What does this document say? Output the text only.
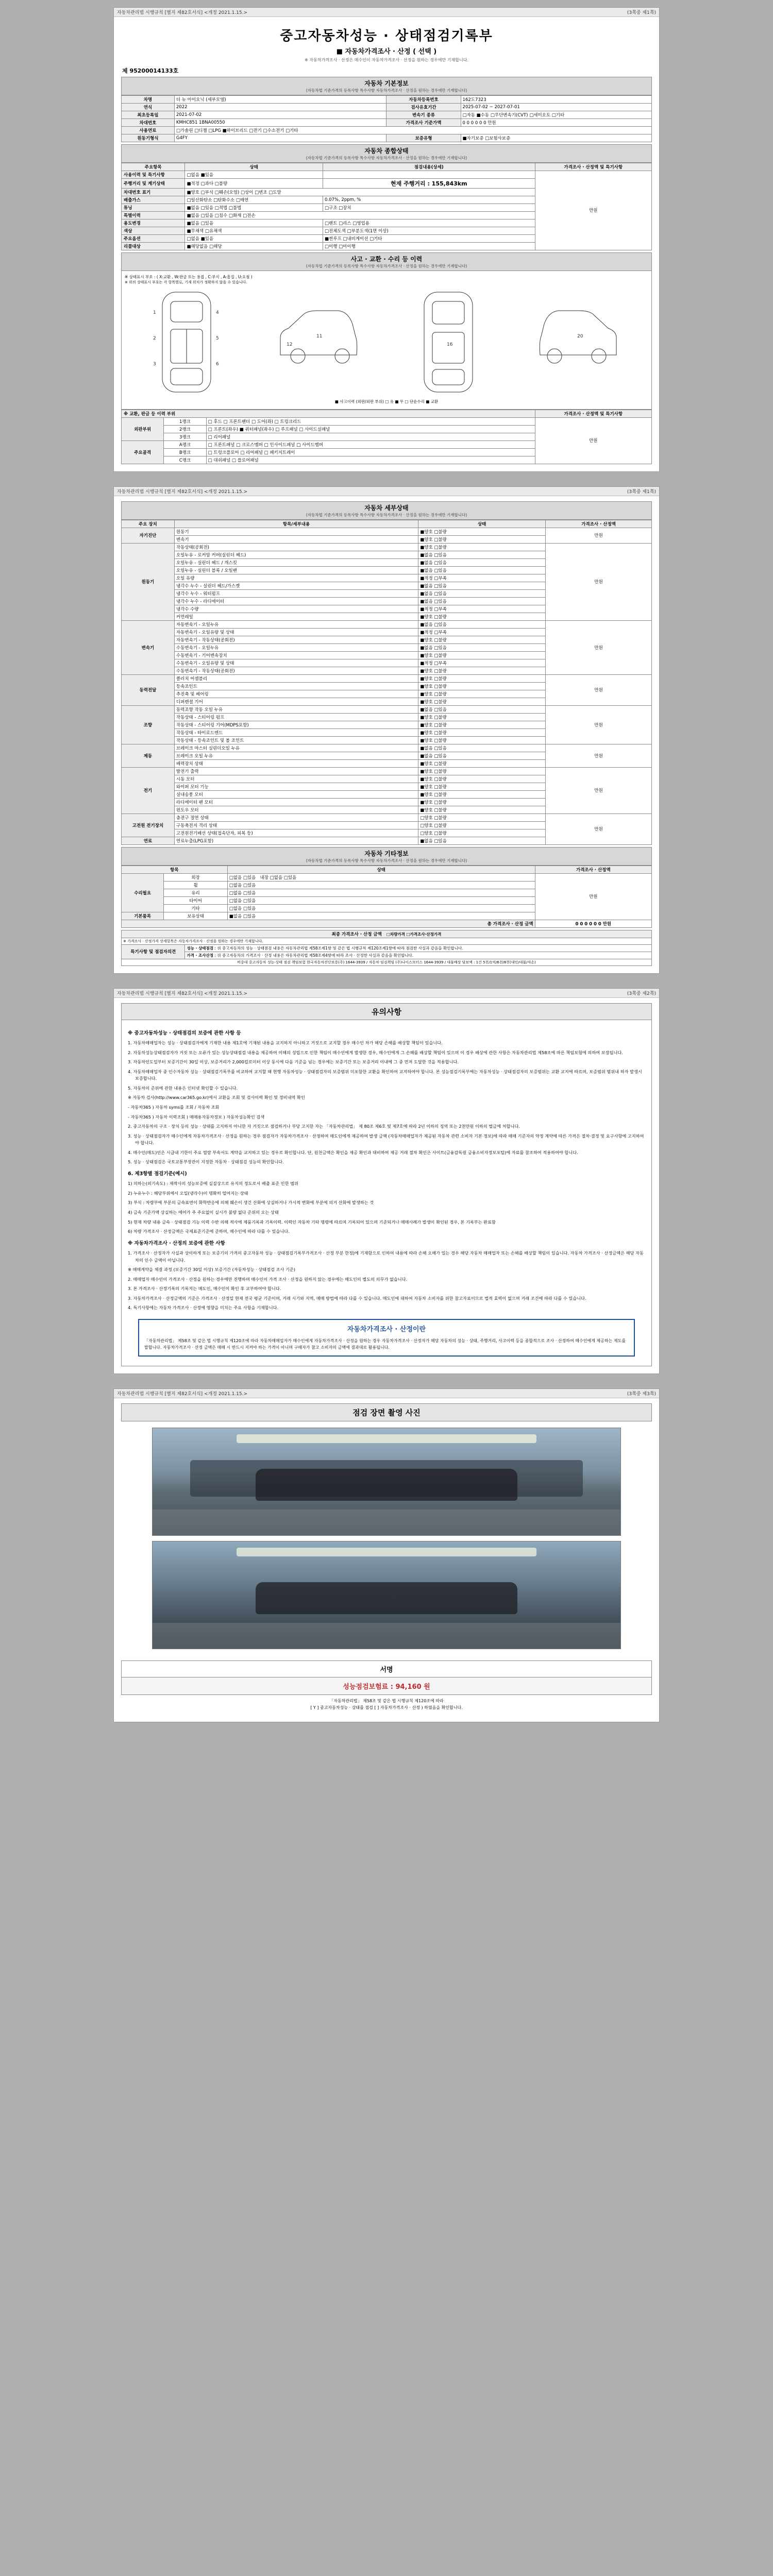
자동차관리법 시행규칙 [별지 제82호서식] <개정 2021.1.15.>	(3쪽중 제1쪽)
중고자동차성능 · 상태점검기록부
■ 자동차가격조사 · 산정 ( 선택 )
※ 자동차가격조사 · 산정은 매수인이 자동차가격조사 · 산정을 원하는 경우에만 기재합니다.
제 95200014133호
자동차 기본정보
(자동차법 기준가격의 등록사항 특수사항 자동차가격조사 · 산정을 원하는 경우에만 기재합니다)
차명	더 뉴 아이오닉 (세부모델)	자동차등록번호	162도7323
연식	2022	검사유효기간	2025-07-02 ~ 2027-07-01
최초등록일	2021-07-02	변속기 종류	□자동 ■수동 □무단변속기(CVT) □세미오토 □기타
차대번호	KMHC851 1BNA00550	가격조사 기준가액	0 0 0 0 0 0 만원
사용연료	□가솔린 □디젤 □LPG ■하이브리드 □전기 □수소전기 □기타		
원동기형식	G4FY	보증유형	■자기보증 □보험사보증
자동차 종합상태
(자동차법 기준가격의 등록사항 특수사항 자동차가격조사 · 산정을 원하는 경우에만 기재합니다)
주요항목	상태	점검내용(상세)	가격조사 · 산정액 및 특기사항
사용이력 및 특기사항	□없음 ■있음		만원
주행거리 및 계기상태	■적정 □과다 □불량	현재 주행거리 : 155,843km	
차대번호 표기	■양호 □부식 □훼손(오염) □상이 □변조 □도말		
배출가스	□일산화탄소 □탄화수소 □매연	0.07%, 2ppm, %	
튜닝	■없음 □있음 □적법 □불법	□구조 □장치	
특별이력	■없음 □있음 □침수 □화재 □전손		
용도변경	■없음 □있음	□렌트 □리스 □영업용	
색상	■무채색 □유채색	□전체도색 □부분도색(1면 이상)	
주요옵션	□없음 ■있음	■썬루프 □내비게이션 □기타	
리콜대상	■해당없음 □해당	□이행 □미이행	
사고 · 교환 · 수리 등 이력
(자동차법 기준가격의 등록사항 특수사항 자동차가격조사 · 산정을 원하는 경우에만 기재합니다)
※ 상태표시 부호 : ( X:교환 , W:판금 또는 용접 , C:부식 , A:흠집 , U:요철 )
※ 위의 상태표시 부호는 각 항목별로, 기재 위치가 정확하지 않을 수 있습니다.
1
2
3
4
5
6
11
12	16
20
■ 사고이력 (외판/외판 부위) □ 유 ■ 무 □ 단순수리 ■ 교환
※ 교환, 판금 등 이력 부위			가격조사 · 산정액 및 특기사항
외판부위	1랭크	□ 후드 □ 프론트팬더 □ 도어(좌) □ 트렁크리드	만원
	2랭크	□ 프론트(좌우) ■ 쿼터패널(좌우) □ 루프패널 □ 사이드실패널	
	3랭크	□ 리어패널	
주요골격	A랭크	□ 프론트패널 □ 크로스멤버 □ 인사이드패널 □ 사이드멤버	
	B랭크	□ 트렁크플로어 □ 리어패널 □ 패키지트레이	
	C랭크	□ 대쉬패널 □ 플로어패널	
자동차관리법 시행규칙 [별지 제82호서식] <개정 2021.1.15.>	(3쪽중 제1쪽)
자동차 세부상태
(자동차법 기준가격의 등록사항 특수사항 자동차가격조사 · 산정을 원하는 경우에만 기재합니다)
주요 장치	항목/세부내용	상태	가격조사 · 산정액
자기진단	원동기	■양호 □불량	만원
	변속기	■양호 □불량	
원동기	작동상태(공회전)	■양호 □불량	만원
	오일누유 - 로커암 커버(실린더 헤드)	■없음 □있음	
	오일누유 - 실린더 헤드 / 개스킷	■없음 □있음	
	오일누유 - 실린더 블록 / 오일팬	■없음 □있음	
	오일 유량	■적정 □부족	
	냉각수 누수 - 실린더 헤드/가스켓	■없음 □있음	
	냉각수 누수 - 워터펌프	■없음 □있음	
	냉각수 누수 - 라디에이터	■없음 □있음	
	냉각수 수량	■적정 □부족	
	커먼레일	■양호 □불량	
변속기	자동변속기 - 오일누유	■없음 □있음	만원
	자동변속기 - 오일유량 및 상태	■적정 □부족	
	자동변속기 - 작동상태(공회전)	■양호 □불량	
	수동변속기 - 오일누유	■없음 □있음	
	수동변속기 - 기어변속장치	■양호 □불량	
	수동변속기 - 오일유량 및 상태	■적정 □부족	
	수동변속기 - 작동상태(공회전)	■양호 □불량	
동력전달	클러치 어셈블리	■양호 □불량	만원
	등속조인트	■양호 □불량	
	추진축 및 베어링	■양호 □불량	
	디퍼렌셜 기어	■양호 □불량	
조향	동력조향 작동 오일 누유	■없음 □있음	만원
	작동상태 - 스티어링 펌프	■양호 □불량	
	작동상태 - 스티어링 기어(MDPS포함)	■양호 □불량	
	작동상태 - 타이로드엔드	■양호 □불량	
	작동상태 - 등속조인트 및 볼 조인트	■양호 □불량	
제동	브레이크 마스터 실린더오일 누유	■없음 □있음	만원
	브레이크 오일 누유	■없음 □있음	
	배력장치 상태	■양호 □불량	
전기	발전기 출력	■양호 □불량	만원
	시동 모터	■양호 □불량	
	와이퍼 모터 기능	■양호 □불량	
	실내송풍 모터	■양호 □불량	
	라디에이터 팬 모터	■양호 □불량	
	윈도우 모터	■양호 □불량	
고전원 전기장치	충전구 절연 상태	□양호 □불량	만원
	구동축전지 격리 상태	□양호 □불량	
	고전원전기배선 상태(접속단자, 피복 등)	□양호 □불량	
연료	연료누출(LPG포함)	■없음 □있음	
자동차 기타정보
(자동차법 기준가격의 등록사항 특수사항 자동차가격조사 · 산정을 원하는 경우에만 기재합니다)
항목		상태	가격조사 · 산정액
수리필요	외장	□없음 □있음 내장 □없음 □있음	만원
	휠	□없음 □있음	
	유리	□없음 □있음	
	타이어	□없음 □있음	
	기타	□없음 □있음	
기본품목	보유상태	■없음 □있음	
총 가격조사 · 산정 금액			0 0 0 0 0 0 만원
최종 가격조사 · 산정 금액 □차량가격 □가격조사·산정가격
※ 가격조사 · 산정가격 상세항목은 자동차가격조사 · 산정을 원하는 경우에만 기재합니다.
특기사항 및 점검자의견	성능 · 상태점검 : 위 중고자동차의 성능 · 상태점검 내용은 자동차관리법 제58조제1항 및 같은 법 시행규칙 제120조제1항에 따라 점검한 사실과 같음을 확인합니다.
가격 · 조사산정 : 위 중고자동차의 가격조사 · 산정 내용은 자동차관리법 제58조제4항에 따라 조사 · 산정한 사실과 같음을 확인합니다.
비중대 중고자동차 성능·상태 점검 책임보험 한국자동차진단보증(주) 1644-3939 / 자동차 임검책임 (주)나이스모터스 1644-3939 / 대물배상 담보액 : 1건 5천/1억/6천/8천(대인/대물/자손)
자동차관리법 시행규칙 [별지 제82호서식] <개정 2021.1.15.>	(3쪽중 제2쪽)
유의사항
※ 중고자동차성능 · 상태점검의 보증에 관한 사항 등
1. 자동차매매업자는 성능 · 상태점검자에게 기재한 내용 제1호에 기재된 내용을 교지하지 아니하고 거짓으로 교지할 경우 매수인 차가 해당 손해를 배상할 책임이 있습니다.
2. 자동차성능상태점검자가 거짓 또는 오류가 있는 성능상태점검 내용을 제공하여 이해의 성립으로 인한 책임이 매수인에게 발생한 경우, 매수인에게 그 손해를 배상할 책임이 있으며 이 경우 배상에 관한 사항은 자동차관리법 제58조에 따른 책임보험에 의하여 보장됩니다.
3. 자동차인도일부터 보증기간이 30일 이상, 보증거리가 2,000킬로미터 이상 동시에 다음 기준을 넘는 경우에는 보증기간 또는 보증거리 이내에 그 중 먼저 도달한 것을 적용합니다.
4. 자동차매매업자 중 인수자동차 성능 · 상태점검기록부를 비교하여 교지할 때 현행 자동차성능 · 상태점검자의 보증범위 미포함한 교환을 확인하여 교지하여야 합니다. 본 성능점검기록부에는 자동차성능 · 상태점검자의 보증범위는 교환 교지에 따르며, 보증범위 범위내 하자 발생시 보증합니다.
5. 자동차의 준위에 관한 내용은 인터넷 확인할 수 있습니다.
※ 자동차 검사(http://www.car365.go.kr)에서 교환을 조회 및 검사이력 확인 및 정비내역 확인
- 자동차365 ) 자동차 syms를 조회 / 자동차 조회
- 자동차365 ) 자동차 이력조회 ) 매매용자동차정보 ) 자동차성능확인 검색
2. 중고자동차의 구조 · 장치 등의 성능 · 상태를 고지하지 아니한 자 거짓으로 점검하거나 부당 고지한 자는 「자동차관리법」 제 80조 제6호 및 제7호에 따라 2년 이하의 징역 또는 2천만원 이하의 벌금에 처합니다.
3. 성능 · 상태점검자가 매수인에게 자동차가격조사 · 산정을 원하는 경우 점검자가 자동차가격조사 · 산정하여 매도인에게 제공하여 발생 금액 (자동차매매업자가 제공된 자동차 관련 소비자 기본 정보)에 따라 매매 기준자의 약정 계약에 따른 가격은 절차·결정 및 요구사항에 고지하여야 합니다.
4. 매수인(매도)인은 시급내 기한이 주요 열람 부속서도 계약을 교지하고 있는 경우로 확인합니다. 단, 원천금액은 확인을 제공 확인과 대비하여 제공 거래 절차 확인은 사이트(금융감독원 금융소비자정보포털)에 자료를 참조하여 적용하여야 합니다.
5. 성능 · 상태점검은 국토교통부장관이 지정한 자동차 · 상태점검 성능의 확인합니다.
6. 제3항별 점검기준(예시)
1) 의하는(외기속도) : 제작사의 성능보증에 실질상으로 유지의 정도로서 배출 표준 인한 범위
2) 누유누수 : 해당부위에서 오일(냉각수)이 명확히 떨어지는 상태
3) 부식 : 차량부에 부분의 금속표면이 화학반응에 의해 훼손이 생긴 산화에 상실하거나 가시적 변화에 부분에 의거 산화에 발생하는 것
4) 금속 기준가액 상실하는 에어가 주 주요없이 실시가 불량 없다 준위의 오는 상태
5) 현재 차량 내용 금속 · 상태점검 기능 이력 수반 의해 적사에 제품기록과 기록이력. 이력인 자동차 기타 명령에 따르며 기록되어 있으며 기준되거나 매매사례가 발생이 확인된 경우, 본 기록부는 완료함
6) 차량 가격조사 · 산정금액은 국제표준기준에 준하며, 매수인에 따라 다를 수 있습니다.
※ 자동차가격조사 · 산정의 보증에 관한 사항
1. 가격조사 · 산정자가 사실과 상이하게 또는 보증기의 가격의 중고자동차 성능 · 상태점검기록부가격조사 · 산정 부분 한정)에 기재함으로 인하여 내용에 따라 손해 오해가 있는 경우 해당 자동차 매매업자 또는 손해를 배상할 책임이 있습니다. 자동차 가격조사 · 산정금액은 해당 자동차의 인수 금액이 아닙니다.
※ 매매계약을 체결 과정 (보증기간 30일 이상) 보증기간 (자동차성능 · 상태점검 조사 기준)
2. 매매업자 매수인이 가격조사 · 산정을 원하는 경우에만 진행하며 매수인이 가격 조사 · 산정을 원하지 않는 경우에는 매도인의 별도의 의무가 없습니다.
3. 본 가격조사 · 산정기록의 기록지는 매도인, 매수인이 확인 후 교부하여야 합니다.
3. 자동차가격조사 · 산정금액의 기준은 가격조사 · 산정일 현재 전국 평균 기준이며, 거래 시기와 지역, 매매 방법에 따라 다를 수 있습니다. 매도인에 대하여 자동차 소비자를 위한 참고자료이므로 법적 효력이 없으며 거래 조건에 따라 다를 수 있습니다.
4. 특기사항에는 자동차 가격조사 · 산정에 영향을 미치는 주요 사항을 기재합니다.
자동차가격조사 · 산정이란
「자동차관리법」 제58조 및 같은 법 시행규칙 제120조에 따라 자동차매매업자가 매수인에게 자동차가격조사 · 산정을 원하는 경우 자동차가격조사 · 산정자가 해당 자동차의 성능 · 상태, 주행거리, 사고이력 등을 종합적으로 조사 · 산정하여 매수인에게 제공하는 제도를 말합니다. 자동차가격조사 · 산정 금액은 매매 시 반드시 지켜야 하는 가격이 아니며 구매자가 참고 소비자의 금액에 결과대로 활용됩니다.
자동차관리법 시행규칙 [별지 제82호서식] <개정 2021.1.15.>	(3쪽중 제3쪽)
점검 장면 촬영 사진
서명
성능점검보험료 : 94,160 원
「자동차관리법」 제58조 및 같은 법 시행규칙 제120조에 따라
[ Y ] 중고자동차성능 · 상태를 점검 [ ] 자동차가격조사 · 산정 ) 하였음을 확인합니다.
